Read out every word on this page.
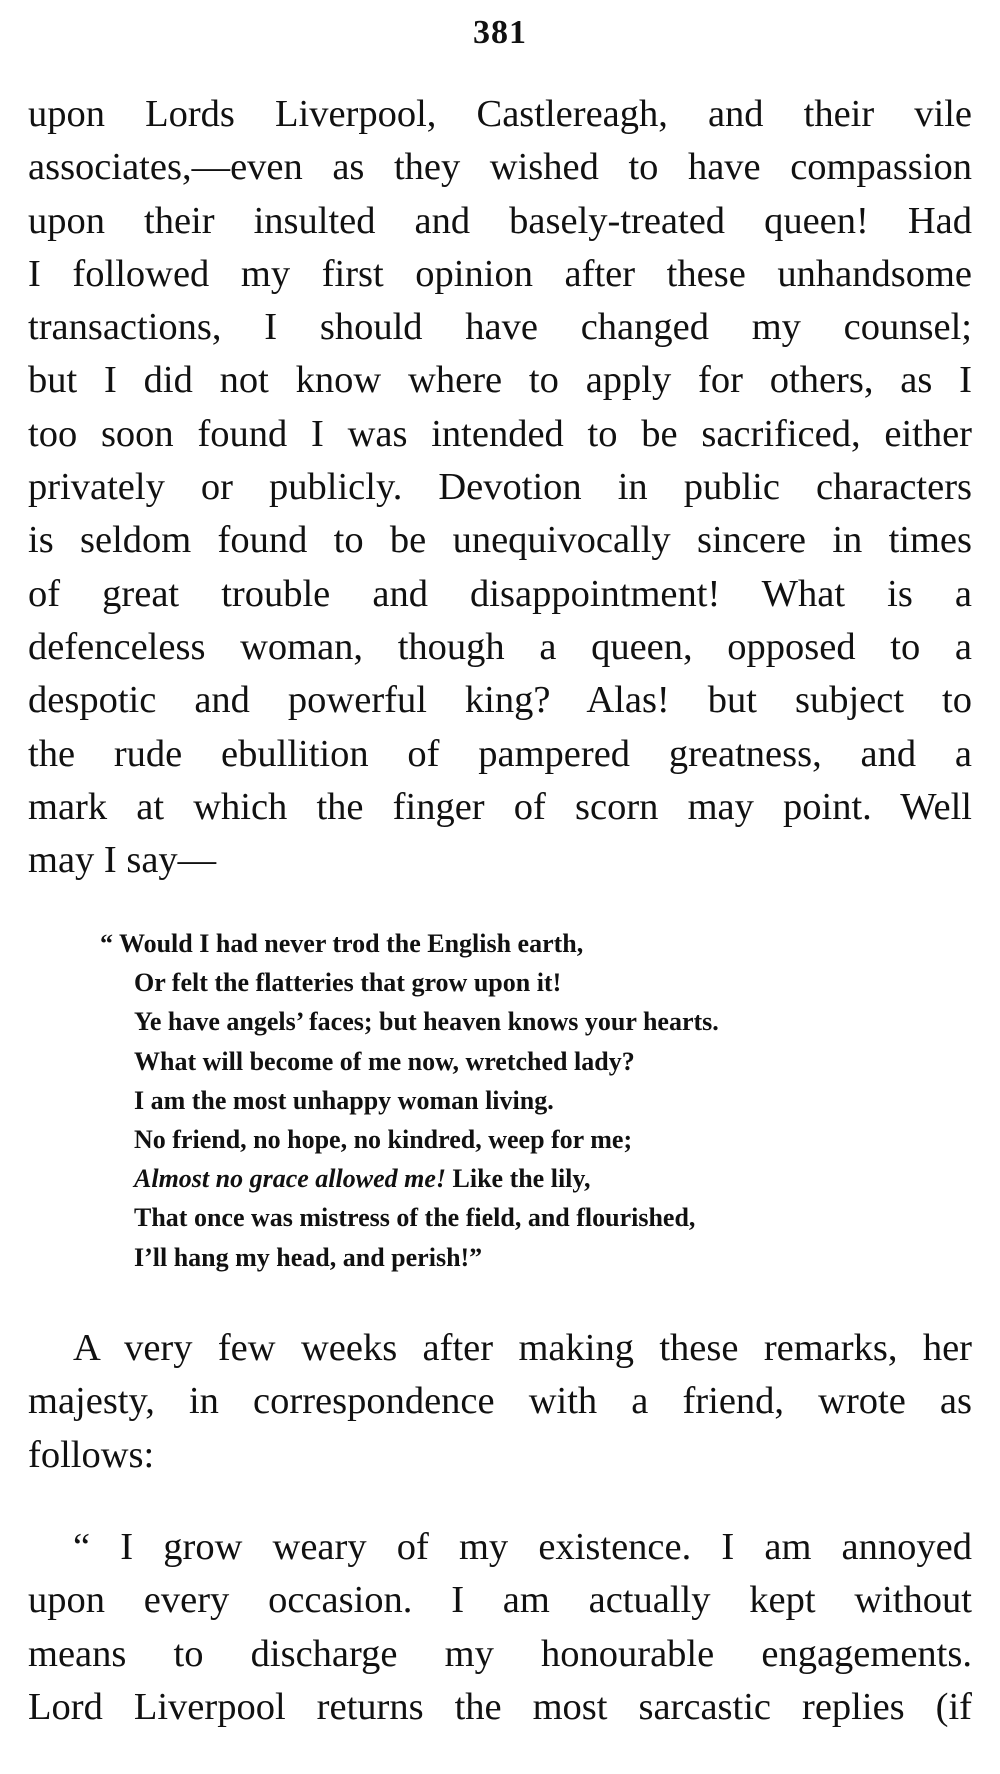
381
upon Lords Liverpool, Castlereagh, and their vile
associates,—even as they wished to have compassion
upon their insulted and basely-treated queen! Had
I followed my first opinion after these unhandsome
transactions, I should have changed my counsel;
but I did not know where to apply for others, as I
too soon found I was intended to be sacrificed, either
privately or publicly. Devotion in public characters
is seldom found to be unequivocally sincere in times
of great trouble and disappointment! What is a
defenceless woman, though a queen, opposed to a
despotic and powerful king? Alas! but subject to
the rude ebullition of pampered greatness, and a
mark at which the finger of scorn may point. Well
may I say—
“ Would I had never trod the English earth,
Or felt the flatteries that grow upon it!
Ye have angels’ faces; but heaven knows your hearts.
What will become of me now, wretched lady?
I am the most unhappy woman living.
No friend, no hope, no kindred, weep for me;
Almost no grace allowed me! Like the lily,
That once was mistress of the field, and flourished,
I’ll hang my head, and perish!”
A very few weeks after making these remarks, her
majesty, in correspondence with a friend, wrote as
follows:
“ I grow weary of my existence. I am annoyed
upon every occasion. I am actually kept without
means to discharge my honourable engagements.
Lord Liverpool returns the most sarcastic replies (if
